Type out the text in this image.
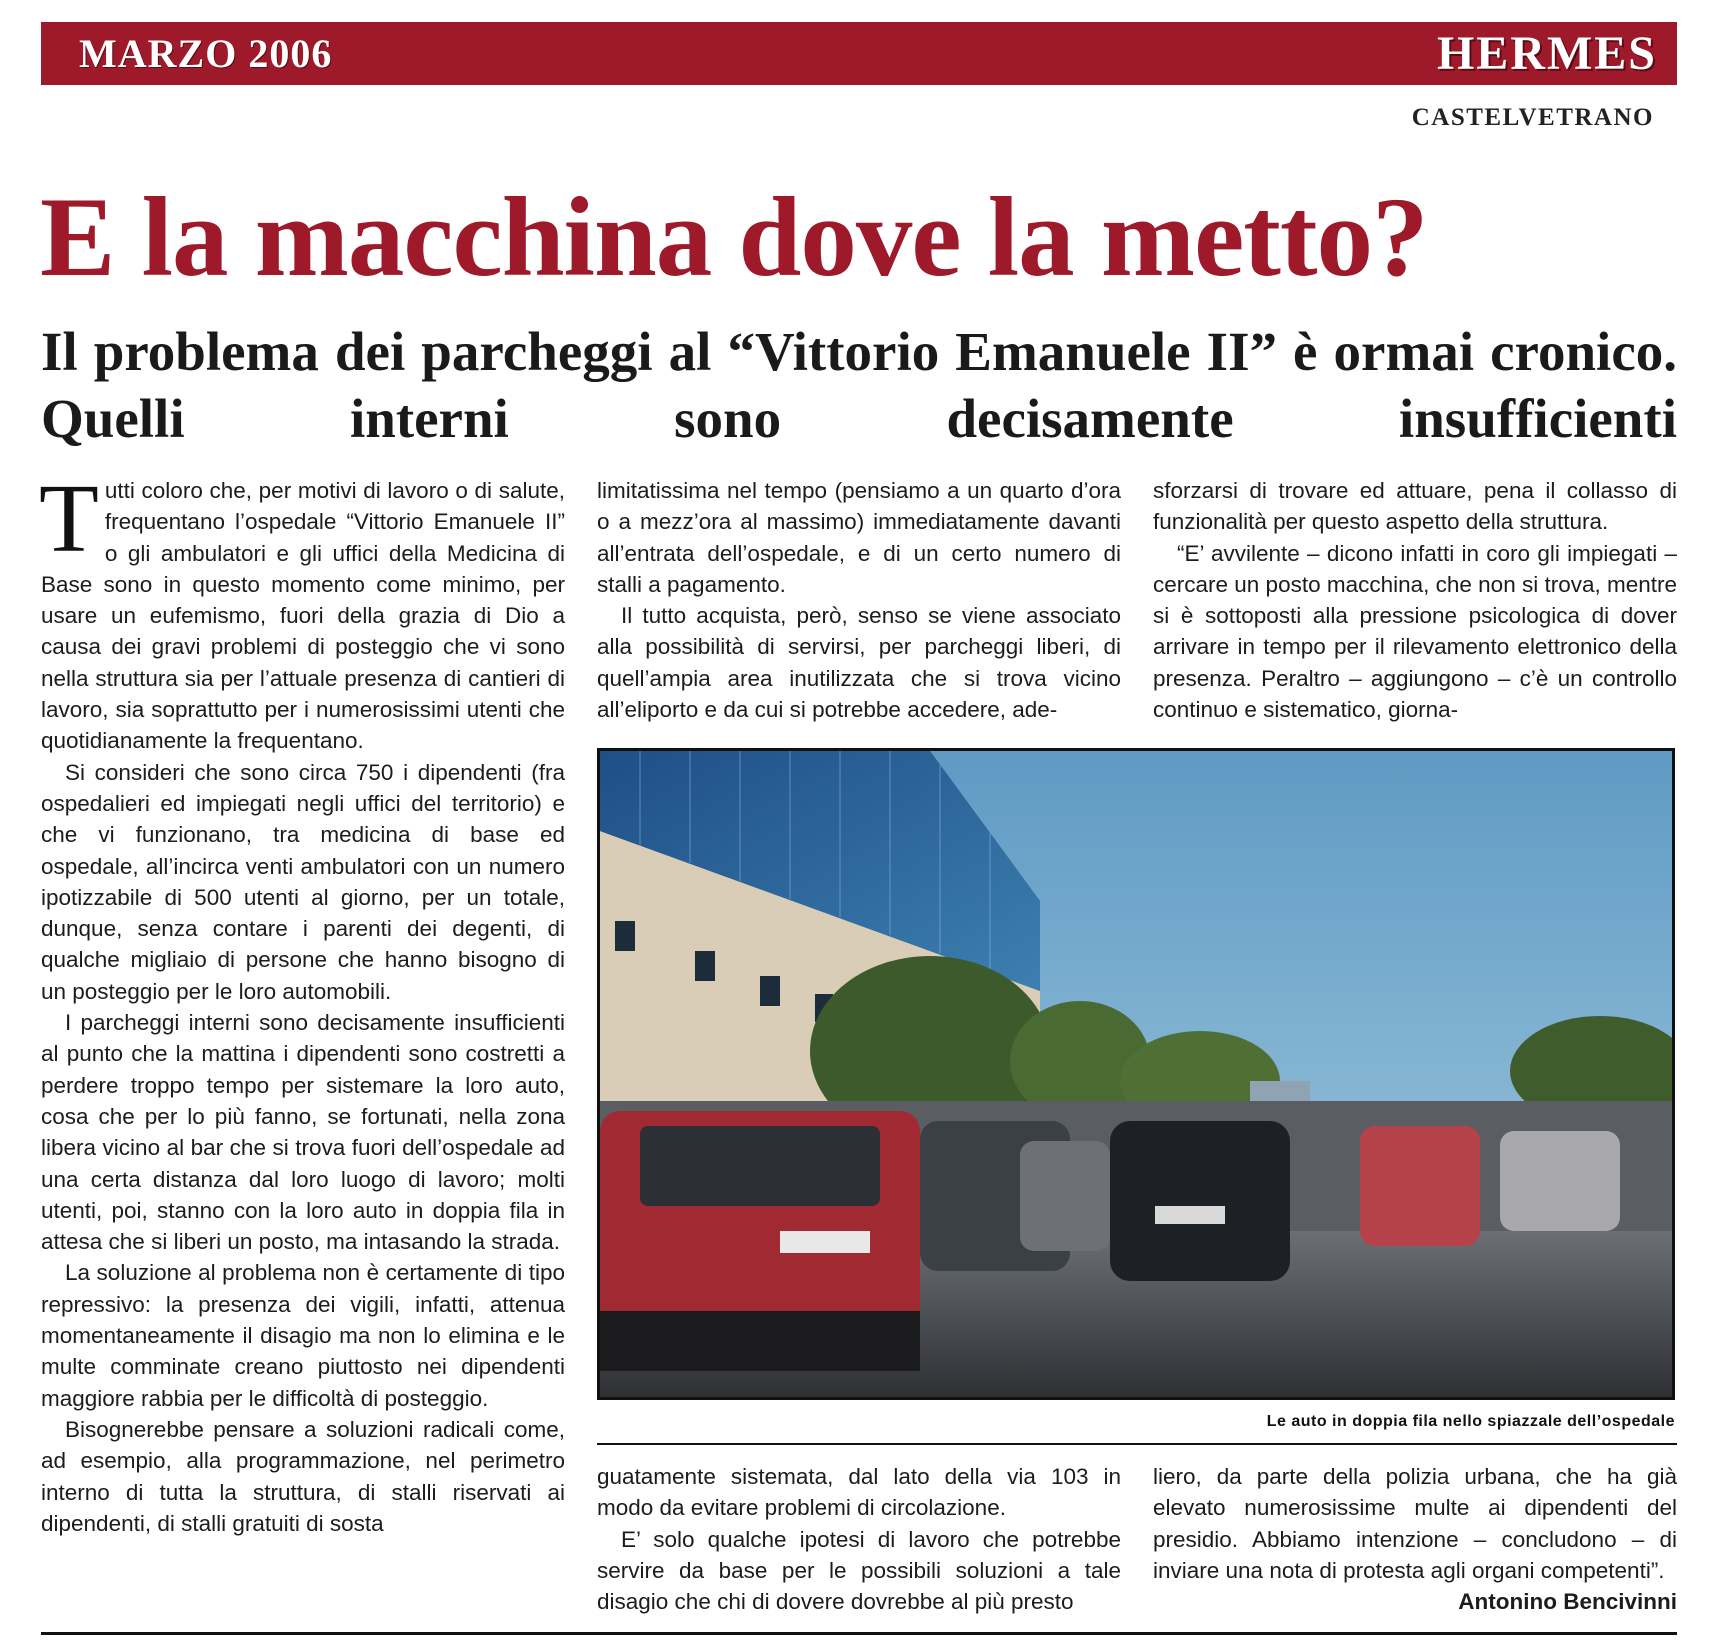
MARZO 2006	HERMES
CASTELVETRANO
E la macchina dove la metto?
Il problema dei parcheggi al “Vittorio Emanuele II” è ormai cronico. Quelli interni sono decisamente insufficienti

Tutti coloro che, per motivi di lavoro o di salute, frequentano l’ospedale “Vittorio Emanuele II” o gli ambulatori e gli uffici della Medicina di Base sono in questo momento come minimo, per usare un eufemismo, fuori della grazia di Dio a causa dei gravi problemi di posteggio che vi sono nella struttura sia per l’attuale presenza di cantieri di lavoro, sia soprattutto per i numerosissimi utenti che quotidianamente la frequentano.

Si consideri che sono circa 750 i dipendenti (fra ospedalieri ed impiegati negli uffici del territorio) e che vi funzionano, tra medicina di base ed ospedale, all’incirca venti ambulatori con un numero ipotizzabile di 500 utenti al giorno, per un totale, dunque, senza contare i parenti dei degenti, di qualche migliaio di persone che hanno bisogno di un posteggio per le loro automobili.

I parcheggi interni sono decisamente insufficienti al punto che la mattina i dipendenti sono costretti a perdere troppo tempo per sistemare la loro auto, cosa che per lo più fanno, se fortunati, nella zona libera vicino al bar che si trova fuori dell’ospedale ad una certa distanza dal loro luogo di lavoro; molti utenti, poi, stanno con la loro auto in doppia fila in attesa che si liberi un posto, ma intasando la strada.

La soluzione al problema non è certamente di tipo repressivo: la presenza dei vigili, infatti, attenua momentaneamente il disagio ma non lo elimina e le multe comminate creano piuttosto nei dipendenti maggiore rabbia per le difficoltà di posteggio.

Bisognerebbe pensare a soluzioni radicali come, ad esempio, alla programmazione, nel perimetro interno di tutta la struttura, di stalli riservati ai dipendenti, di stalli gratuiti di sosta

limitatissima nel tempo (pensiamo a un quarto d’ora o a mezz’ora al massimo) immediatamente davanti all’entrata dell’ospedale, e di un certo numero di stalli a pagamento.

Il tutto acquista, però, senso se viene associato alla possibilità di servirsi, per parcheggi liberi, di quell’ampia area inutilizzata che si trova vicino all’eliporto e da cui si potrebbe accedere, ade-

sforzarsi di trovare ed attuare, pena il collasso di funzionalità per questo aspetto della struttura.

“E’ avvilente – dicono infatti in coro gli impiegati – cercare un posto macchina, che non si trova, mentre si è sottoposti alla pressione psicologica di dover arrivare in tempo per il rilevamento elettronico della presenza. Peraltro – aggiungono – c’è un controllo continuo e sistematico, giorna-

Le auto in doppia fila nello spiazzale dell’ospedale

guatamente sistemata, dal lato della via 103 in modo da evitare problemi di circolazione.

E’ solo qualche ipotesi di lavoro che potrebbe servire da base per le possibili soluzioni a tale disagio che chi di dovere dovrebbe al più presto

liero, da parte della polizia urbana, che ha già elevato numerosissime multe ai dipendenti del presidio. Abbiamo intenzione – concludono – di inviare una nota di protesta agli organi competenti”.

Antonino Bencivinni
